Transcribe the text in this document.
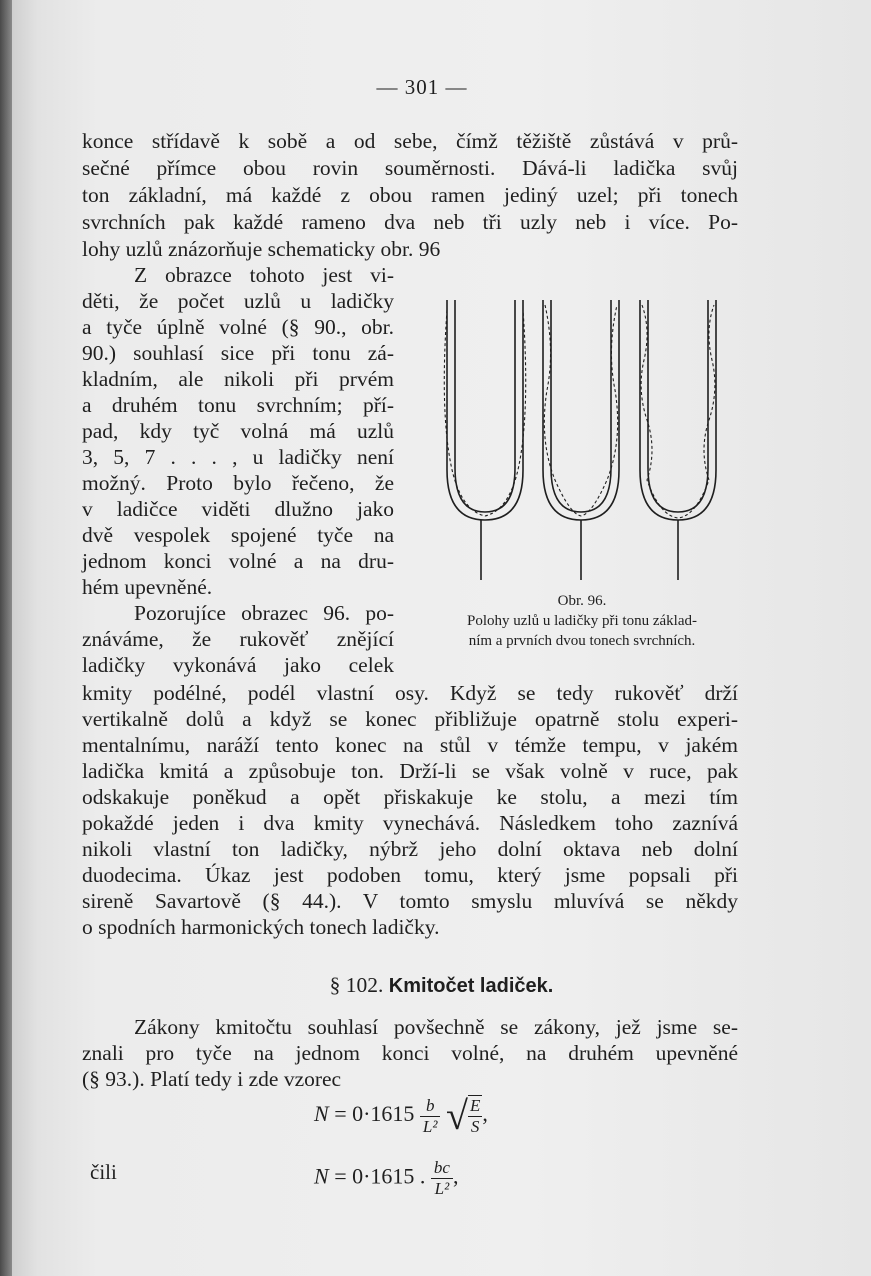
— 301 —
konce střídavě k sobě a od sebe, čímž těžiště zůstává v prů-
sečné přímce obou rovin souměrnosti. Dává-li ladička svůj
ton základní, má každé z obou ramen jediný uzel; při tonech
svrchních pak každé rameno dva neb tři uzly neb i více. Po-
lohy uzlů znázorňuje schematicky obr. 96
Z obrazce tohoto jest vi-
děti, že počet uzlů u ladičky
a tyče úplně volné (§ 90., obr.
90.) souhlasí sice při tonu zá-
kladním, ale nikoli při prvém
a druhém tonu svrchním; pří-
pad, kdy tyč volná má uzlů
3, 5, 7 . . . , u ladičky není
možný. Proto bylo řečeno, že
v ladičce viděti dlužno jako
dvě vespolek spojené tyče na
jednom konci volné a na dru-
hém upevněné.
Pozorujíce obrazec 96. po-
znáváme, že rukověť znějící
ladičky vykonává jako celek
Obr. 96.
Polohy uzlů u ladičky při tonu základ-
ním a prvních dvou tonech svrchních.
kmity podélné, podél vlastní osy. Když se tedy rukověť drží
vertikalně dolů a když se konec přibližuje opatrně stolu experi-
mentalnímu, naráží tento konec na stůl v témže tempu, v jakém
ladička kmitá a způsobuje ton. Drží-li se však volně v ruce, pak
odskakuje poněkud a opět přiskakuje ke stolu, a mezi tím
pokaždé jeden i dva kmity vynechává. Následkem toho zaznívá
nikoli vlastní ton ladičky, nýbrž jeho dolní oktava neb dolní
duodecima. Úkaz jest podoben tomu, který jsme popsali při
sireně Savartově (§ 44.). V tomto smyslu mluvívá se někdy
o spodních harmonických tonech ladičky.
§ 102. Kmitočet ladiček.
Zákony kmitočtu souhlasí povšechně se zákony, jež jsme se-
znali pro tyče na jednom konci volné, na druhém upevněné
(§ 93.). Platí tedy i zde vzorec
$N = 0\cdot 1615 \frac{b}{\text{L²}}$ √ $\frac{E}{S}$ ,
čili	N = 0·1615 . $\frac{bc}{\text{L²}}$ ,
